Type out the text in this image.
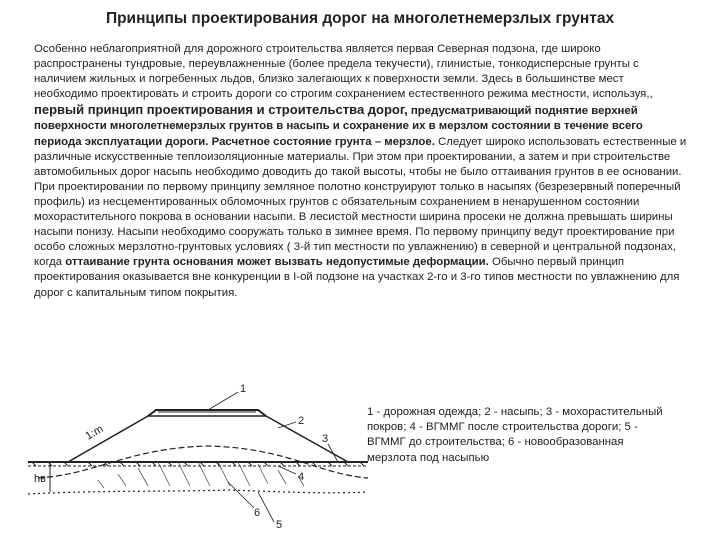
Принципы проектирования дорог на многолетнемерзлых грунтах

Особенно неблагоприятной для дорожного строительства является первая Северная подзона, где широко распространены тундровые, переувлажненные (более предела текучести), глинистые, тонкодисперсные грунты с наличием жильных и погребенных льдов, близко залегающих к поверхности земли. Здесь в большинстве мест необходимо проектировать и строить дороги со строгим сохранением естественного режима местности, используя,, первый принцип проектирования и строительства дорог, предусматривающий поднятие верхней поверхности многолетнемерзлых грунтов в насыпь и сохранение их в мерзлом состоянии в течение всего периода эксплуатации дороги. Расчетное состояние грунта – мерзлое. Следует широко использовать естественные и различные искусственные теплоизоляционные материалы. При этом при проектировании, а затем и при строительстве автомобильных дорог насыпь необходимо доводить до такой высоты, чтобы не было оттаивания грунтов в ее основании.

При проектировании по первому принципу земляное полотно конструируют только в насыпях (безрезервный поперечный профиль) из несцементированных обломочных грунтов с обязательным сохранением в ненарушенном состоянии мохорастительного покрова в основании насыпи. В лесистой местности ширина просеки не должна превышать ширины насыпи понизу. Насыпи необходимо сооружать только в зимнее время. По первому принципу ведут проектирование при особо сложных мерзлотно-грунтовых условиях ( 3-й тип местности по увлажнению) в северной и центральной подзонах, когда оттаивание грунта основания может вызвать недопустимые деформации. Обычно первый принцип проектирования оказывается вне конкуренции в I-ой подзоне на участках 2-го и 3-го типов местности по увлажнению для дорог с капитальным типом покрытия.

hв
1:m
1
2
3
4
5
6
1 - дорожная одежда; 2 - насыпь; 3 - мохорастительный покров; 4 - ВГММГ после строительства дороги; 5 - ВГММГ до строительства; 6 - новообразованная мерзлота под насыпью
